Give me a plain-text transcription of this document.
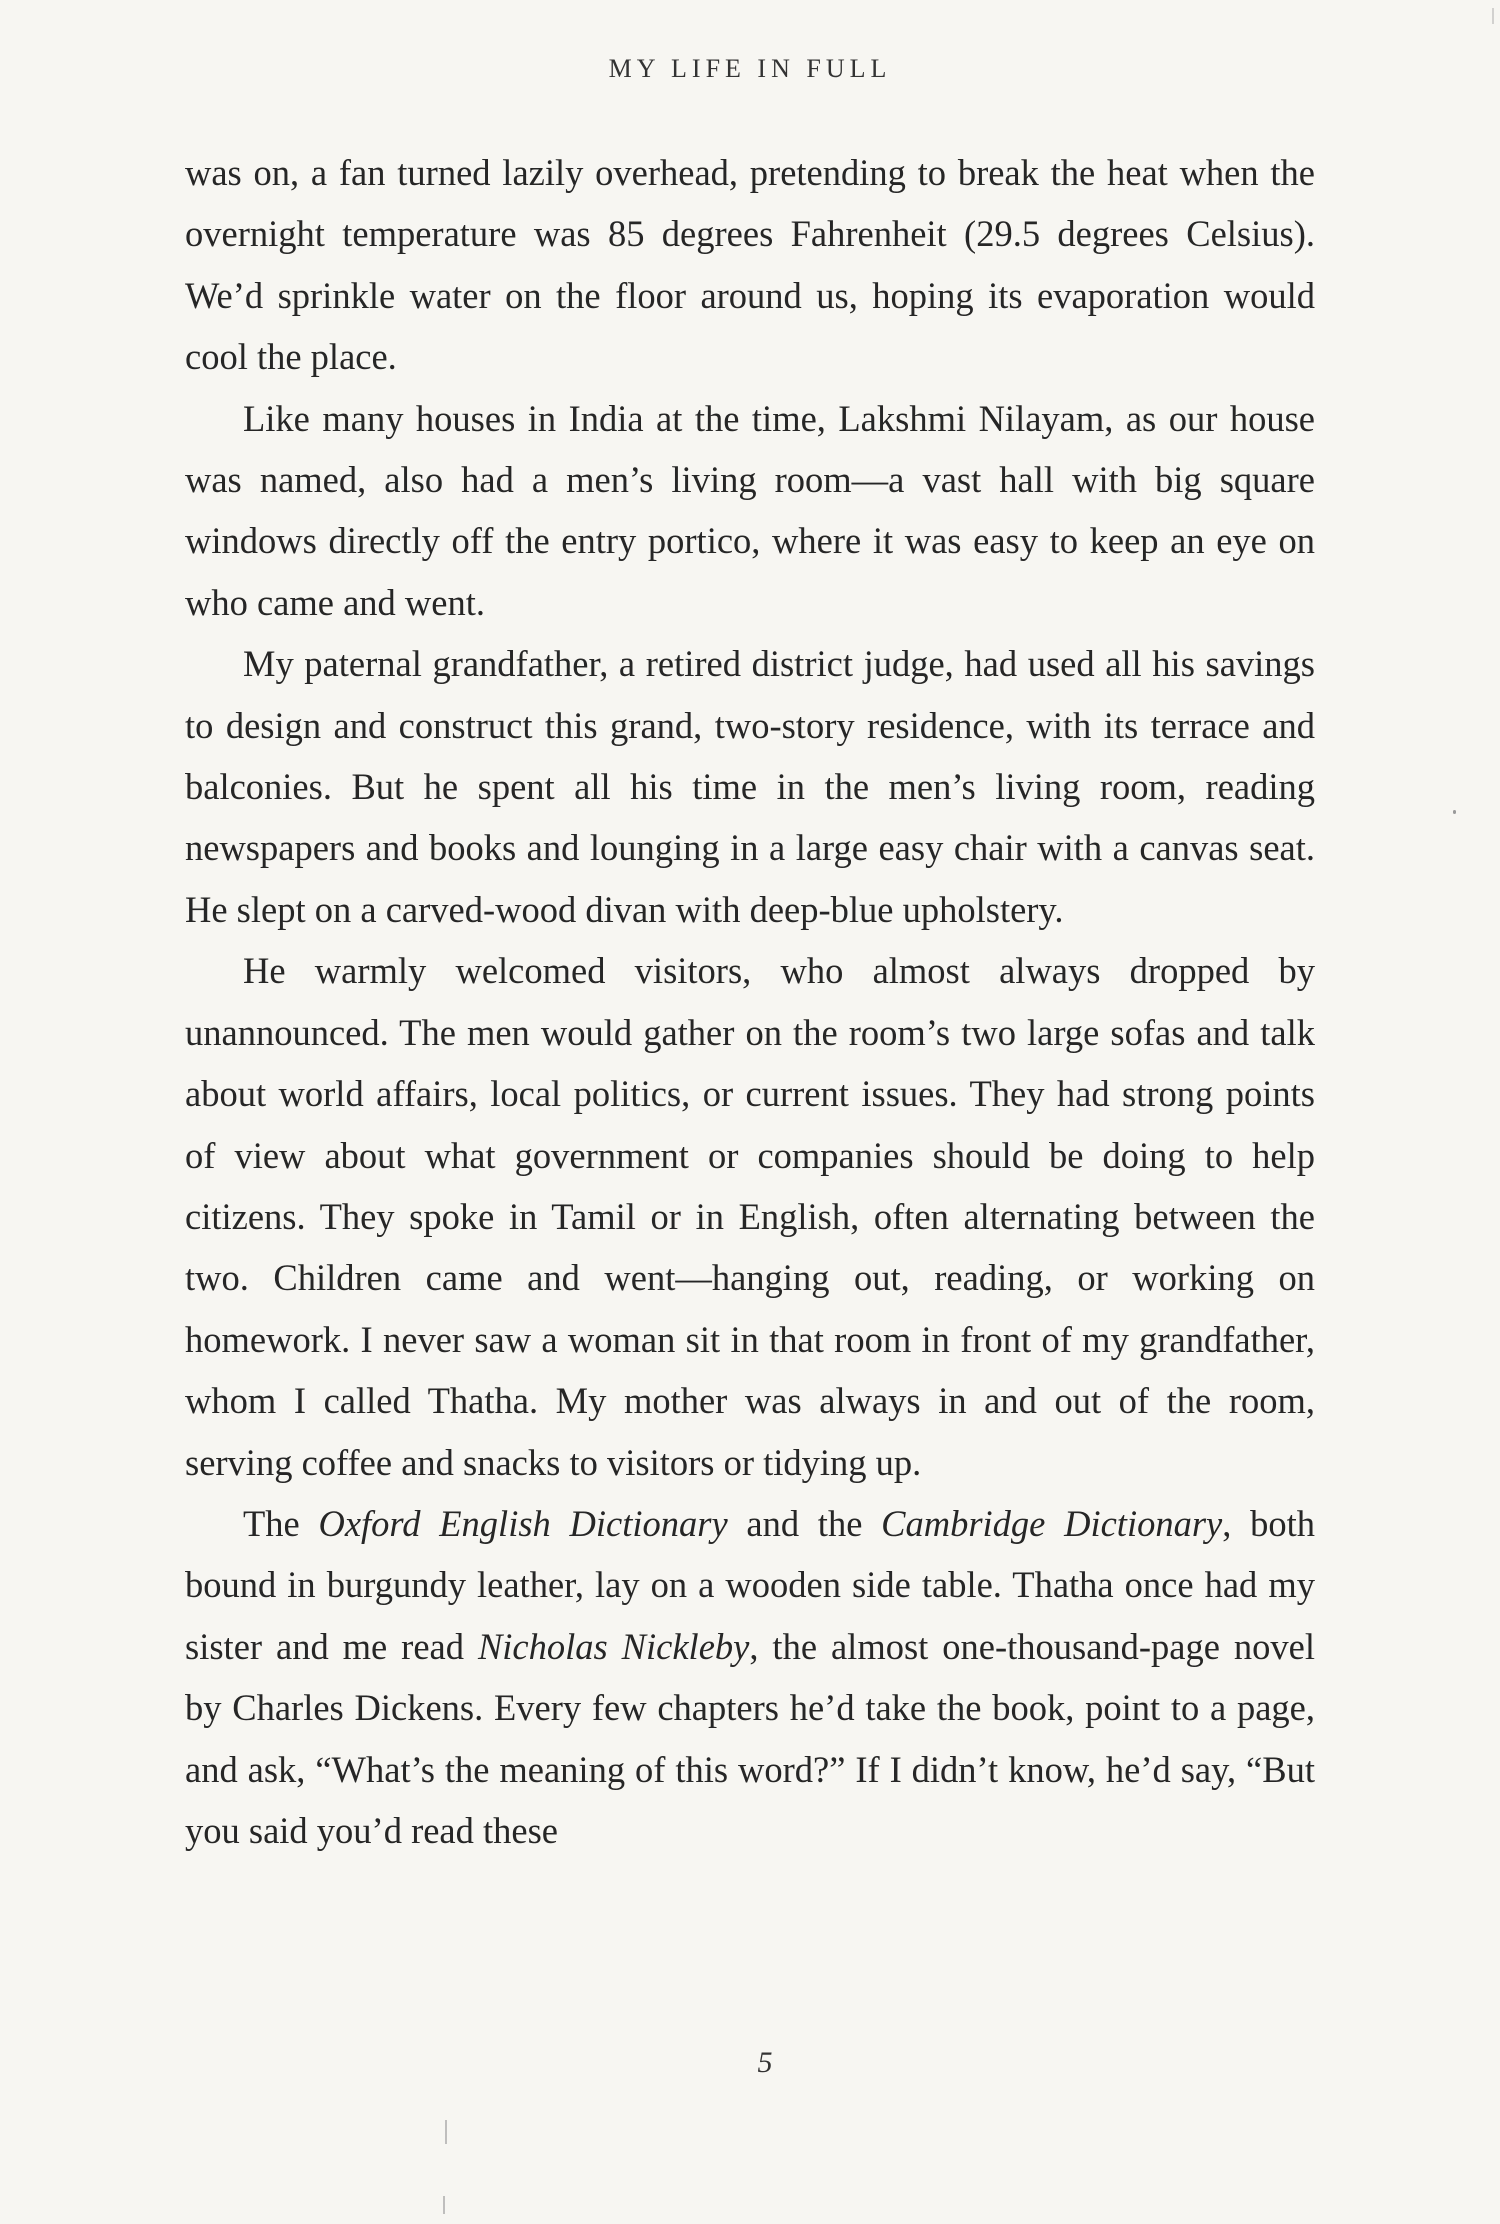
MY LIFE IN FULL

was on, a fan turned lazily overhead, pretending to break the heat when the overnight temperature was 85 degrees Fahrenheit (29.5 degrees Celsius). We’d sprinkle water on the floor around us, hoping its evaporation would cool the place.

Like many houses in India at the time, Lakshmi Nilayam, as our house was named, also had a men’s living room—a vast hall with big square windows directly off the entry portico, where it was easy to keep an eye on who came and went.

My paternal grandfather, a retired district judge, had used all his savings to design and construct this grand, two-story residence, with its terrace and balconies. But he spent all his time in the men’s living room, reading newspapers and books and lounging in a large easy chair with a canvas seat. He slept on a carved-wood divan with deep-blue upholstery.

He warmly welcomed visitors, who almost always dropped by unannounced. The men would gather on the room’s two large sofas and talk about world affairs, local politics, or current issues. They had strong points of view about what government or companies should be doing to help citizens. They spoke in Tamil or in English, often alternating between the two. Children came and went—hanging out, reading, or working on homework. I never saw a woman sit in that room in front of my grandfather, whom I called Thatha. My mother was always in and out of the room, serving coffee and snacks to visitors or tidying up.

The Oxford English Dictionary and the Cambridge Dictionary, both bound in burgundy leather, lay on a wooden side table. Thatha once had my sister and me read Nicholas Nickleby, the almost one-thousand-page novel by Charles Dickens. Every few chapters he’d take the book, point to a page, and ask, “What’s the meaning of this word?” If I didn’t know, he’d say, “But you said you’d read these

5
